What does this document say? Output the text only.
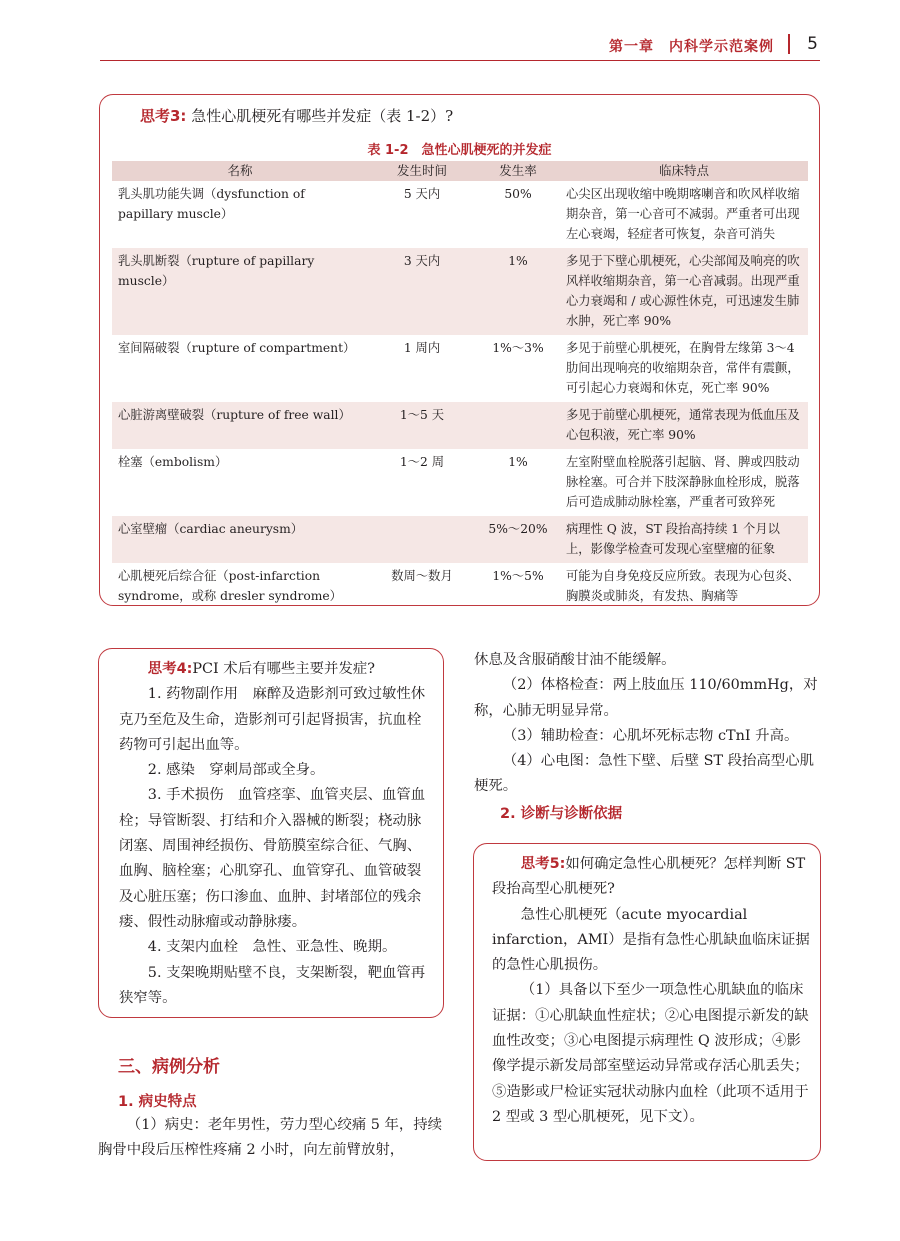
第一章　内科学示范案例 5
思考3: 急性心肌梗死有哪些并发症（表 1-2）?
表 1-2　急性心肌梗死的并发症
名称	发生时间	发生率	临床特点
乳头肌功能失调（dysfunction of papillary muscle）	5 天内	50%	心尖区出现收缩中晚期喀喇音和吹风样收缩期杂音，第一心音可不减弱。严重者可出现左心衰竭，轻症者可恢复，杂音可消失
乳头肌断裂（rupture of papillary muscle）	3 天内	1%	多见于下壁心肌梗死，心尖部闻及响亮的吹风样收缩期杂音，第一心音减弱。出现严重心力衰竭和 / 或心源性休克，可迅速发生肺水肿，死亡率 90%
室间隔破裂（rupture of compartment）	1 周内	1%～3%	多见于前壁心肌梗死，在胸骨左缘第 3～4 肋间出现响亮的收缩期杂音，常伴有震颤，可引起心力衰竭和休克，死亡率 90%
心脏游离壁破裂（rupture of free wall）	1～5 天		多见于前壁心肌梗死，通常表现为低血压及心包积液，死亡率 90%
栓塞（embolism）	1～2 周	1%	左室附壁血栓脱落引起脑、肾、脾或四肢动脉栓塞。可合并下肢深静脉血栓形成，脱落后可造成肺动脉栓塞，严重者可致猝死
心室壁瘤（cardiac aneurysm）		5%～20%	病理性 Q 波，ST 段抬高持续 1 个月以上，影像学检查可发现心室壁瘤的征象
心肌梗死后综合征（post-infarction syndrome，或称 dresler syndrome）	数周～数月	1%～5%	可能为自身免疫反应所致。表现为心包炎、胸膜炎或肺炎，有发热、胸痛等

思考4:PCI 术后有哪些主要并发症?

1. 药物副作用　麻醉及造影剂可致过敏性休克乃至危及生命，造影剂可引起肾损害，抗血栓药物可引起出血等。

2. 感染　穿刺局部或全身。

3. 手术损伤　血管痉挛、血管夹层、血管血栓；导管断裂、打结和介入器械的断裂；桡动脉闭塞、周围神经损伤、骨筋膜室综合征、气胸、血胸、脑栓塞；心肌穿孔、血管穿孔、血管破裂及心脏压塞；伤口渗血、血肿、封堵部位的残余瘘、假性动脉瘤或动静脉瘘。

4. 支架内血栓　急性、亚急性、晚期。

5. 支架晚期贴壁不良，支架断裂，靶血管再狭窄等。

三、病例分析
1. 病史特点

（1）病史：老年男性，劳力型心绞痛 5 年，持续胸骨中段后压榨性疼痛 2 小时，向左前臂放射，

休息及含服硝酸甘油不能缓解。

（2）体格检查：两上肢血压 110/60mmHg，对称，心肺无明显异常。

（3）辅助检查：心肌坏死标志物 cTnI 升高。

（4）心电图：急性下壁、后壁 ST 段抬高型心肌梗死。

2. 诊断与诊断依据

思考5:如何确定急性心肌梗死？怎样判断 ST 段抬高型心肌梗死?

急性心肌梗死（acute myocardial infarction，AMI）是指有急性心肌缺血临床证据的急性心肌损伤。

（1）具备以下至少一项急性心肌缺血的临床证据：①心肌缺血性症状；②心电图提示新发的缺血性改变；③心电图提示病理性 Q 波形成；④影像学提示新发局部室壁运动异常或存活心肌丢失；⑤造影或尸检证实冠状动脉内血栓（此项不适用于 2 型或 3 型心肌梗死，见下文）。
